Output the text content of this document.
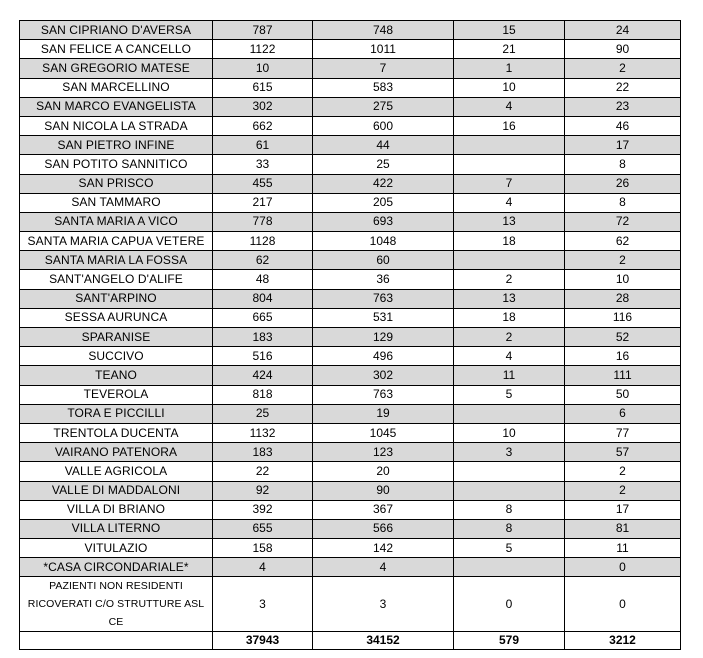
SAN CIPRIANO D'AVERSA	787	748	15	24
SAN FELICE A CANCELLO	1122	1011	21	90
SAN GREGORIO MATESE	10	7	1	2
SAN MARCELLINO	615	583	10	22
SAN MARCO EVANGELISTA	302	275	4	23
SAN NICOLA LA STRADA	662	600	16	46
SAN PIETRO INFINE	61	44		17
SAN POTITO SANNITICO	33	25		8
SAN PRISCO	455	422	7	26
SAN TAMMARO	217	205	4	8
SANTA MARIA A VICO	778	693	13	72
SANTA MARIA CAPUA VETERE	1128	1048	18	62
SANTA MARIA LA FOSSA	62	60		2
SANT'ANGELO D'ALIFE	48	36	2	10
SANT'ARPINO	804	763	13	28
SESSA AURUNCA	665	531	18	116
SPARANISE	183	129	2	52
SUCCIVO	516	496	4	16
TEANO	424	302	11	111
TEVEROLA	818	763	5	50
TORA E PICCILLI	25	19		6
TRENTOLA DUCENTA	1132	1045	10	77
VAIRANO PATENORA	183	123	3	57
VALLE AGRICOLA	22	20		2
VALLE DI MADDALONI	92	90		2
VILLA DI BRIANO	392	367	8	17
VILLA LITERNO	655	566	8	81
VITULAZIO	158	142	5	11
*CASA CIRCONDARIALE*	4	4		0
PAZIENTI NON RESIDENTI RICOVERATI C/O STRUTTURE ASL CE	3	3	0	0
	37943	34152	579	3212
